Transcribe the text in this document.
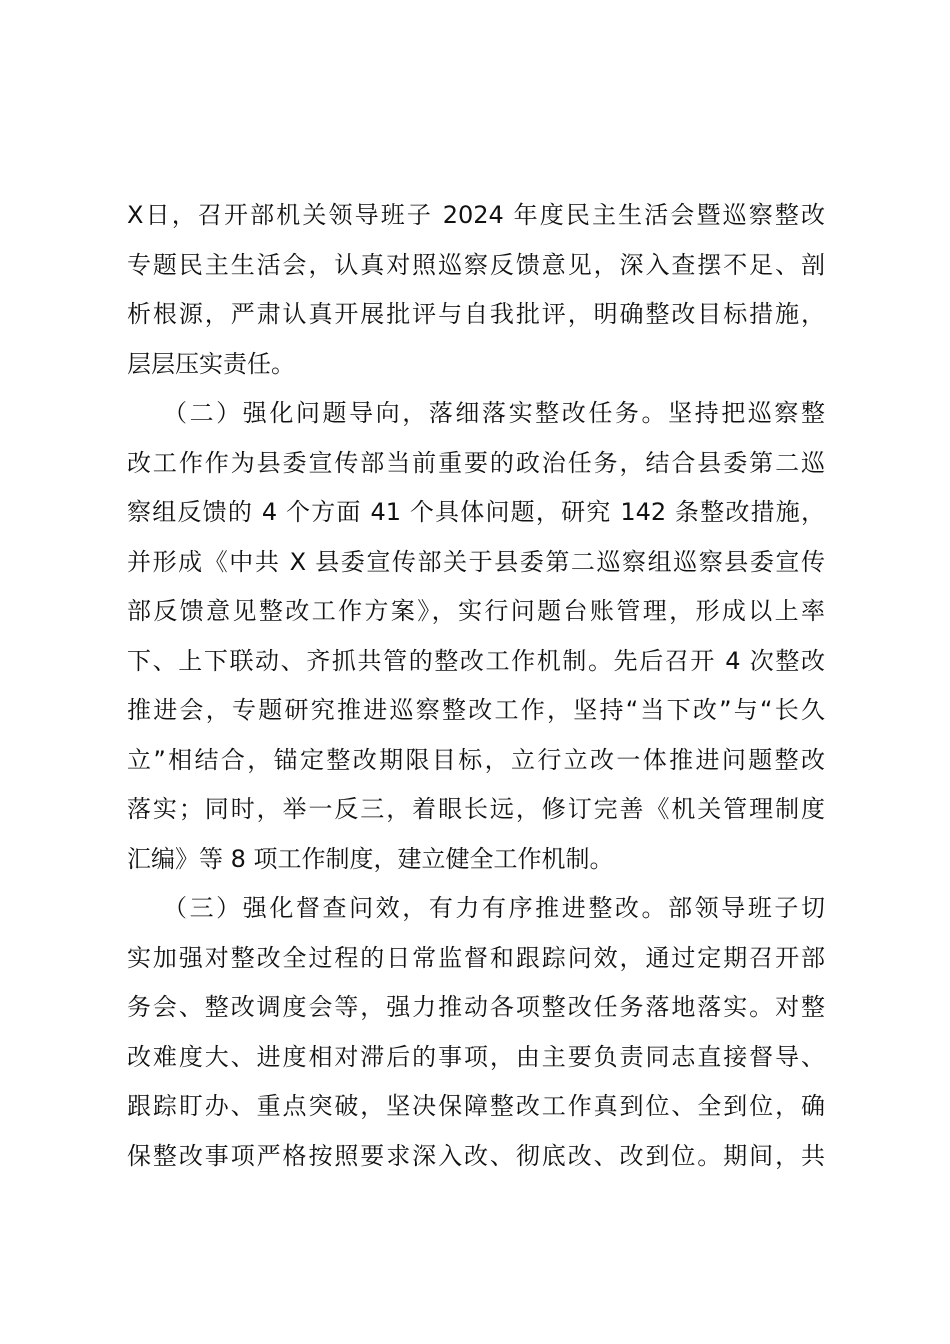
X日，召开部机关领导班子 2024 年度民主生活会暨巡察整改
专题民主生活会，认真对照巡察反馈意见，深入查摆不足、剖
析根源，严肃认真开展批评与自我批评，明确整改目标措施，
层层压实责任。
（二）强化问题导向，落细落实整改任务。坚持把巡察整
改工作作为县委宣传部当前重要的政治任务，结合县委第二巡
察组反馈的 4 个方面 41 个具体问题，研究 142 条整改措施，
并形成《中共 X 县委宣传部关于县委第二巡察组巡察县委宣传
部反馈意见整改工作方案》，实行问题台账管理，形成以上率
下、上下联动、齐抓共管的整改工作机制。先后召开 4 次整改
推进会，专题研究推进巡察整改工作，坚持“当下改”与“长久
立”相结合，锚定整改期限目标，立行立改一体推进问题整改
落实；同时，举一反三，着眼长远，修订完善《机关管理制度
汇编》等 8 项工作制度，建立健全工作机制。
（三）强化督查问效，有力有序推进整改。部领导班子切
实加强对整改全过程的日常监督和跟踪问效，通过定期召开部
务会、整改调度会等，强力推动各项整改任务落地落实。对整
改难度大、进度相对滞后的事项，由主要负责同志直接督导、
跟踪盯办、重点突破，坚决保障整改工作真到位、全到位，确
保整改事项严格按照要求深入改、彻底改、改到位。期间，共
